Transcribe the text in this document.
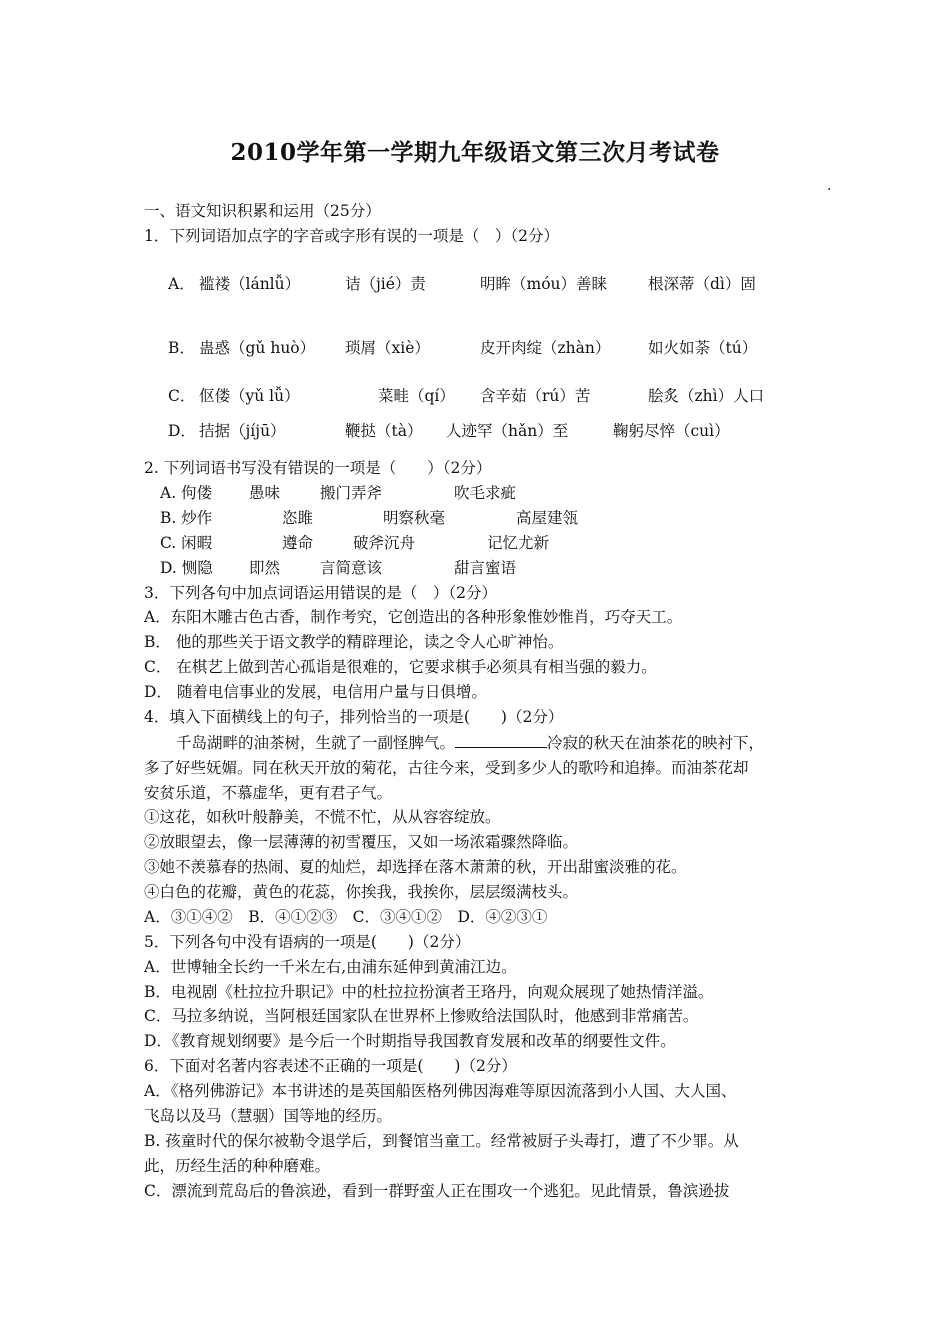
2010学年第一学期九年级语文第三次月考试卷
.
一、语文知识积累和运用（25分）
1．下列词语加点字的字音或字形有误的一项是（　）（2分）
A． 褴褛（lánlǚ）	诘（jié）责	明眸（móu）善睐	根深蒂（dì）固
B． 蛊惑（gǔ huò） 琐屑（xiè）	皮开肉绽（zhàn） 如火如荼（tú）
C． 伛偻（yǔ lǚ）	菜畦（qí） 含辛茹（rú）苦	脍炙（zhì）人口
D． 拮据（jíjū）	鞭挞（tà） 人迹罕（hǎn）至	鞠躬尽悴（cuì）
2. 下列词语书写没有错误的一项是（　　）（2分）
A. 佝偻 愚味	搬门弄斧	吹毛求疵
B. 炒作	恣雎	明察秋毫	高屋建瓴
C. 闲暇	遵命	破斧沉舟	记忆尤新
D. 恻隐 即然	言简意该	甜言蜜语
3．下列各句中加点词语运用错误的是（　）（2分）
A．东阳木雕古色古香，制作考究，它创造出的各种形象惟妙惟肖，巧夺天工。
B． 他的那些关于语文教学的精辟理论，读之令人心旷神怡。
C． 在棋艺上做到苦心孤诣是很难的，它要求棋手必须具有相当强的毅力。
D． 随着电信事业的发展，电信用户量与日俱增。
4．填入下面横线上的句子，排列恰当的一项是(　　)（2分）
千岛湖畔的油茶树，生就了一副怪脾气。	冷寂的秋天在油茶花的映衬下，
多了好些妩媚。同在秋天开放的菊花，古往今来，受到多少人的歌吟和追捧。而油茶花却
安贫乐道，不慕虚华，更有君子气。
①这花，如秋叶般静美，不慌不忙，从从容容绽放。
②放眼望去，像一层薄薄的初雪覆压，又如一场浓霜骤然降临。
③她不羡慕春的热闹、夏的灿烂，却选择在落木萧萧的秋，开出甜蜜淡雅的花。
④白色的花瓣，黄色的花蕊，你挨我，我挨你，层层缀满枝头。
A．③①④②　B．④①②③　C．③④①②　D．④②③①
5．下列各句中没有语病的一项是(　　)（2分）
A．世博轴全长约一千米左右,由浦东延伸到黄浦江边。
B．电视剧《杜拉拉升职记》中的杜拉拉扮演者王珞丹，向观众展现了她热情洋溢。
C．马拉多纳说，当阿根廷国家队在世界杯上惨败给法国队时，他感到非常痛苦。
D．《教育规划纲要》是今后一个时期指导我国教育发展和改革的纲要性文件。
6．下面对名著内容表述不正确的一项是(　　)（2分）
A．《格列佛游记》本书讲述的是英国船医格列佛因海难等原因流落到小人国、大人国、
飞岛以及马（慧骃）国等地的经历。
B. 孩童时代的保尔被勒令退学后，到餐馆当童工。经常被厨子头毒打，遭了不少罪。从
此，历经生活的种种磨难。
C．漂流到荒岛后的鲁滨逊，看到一群野蛮人正在围攻一个逃犯。见此情景，鲁滨逊拔
